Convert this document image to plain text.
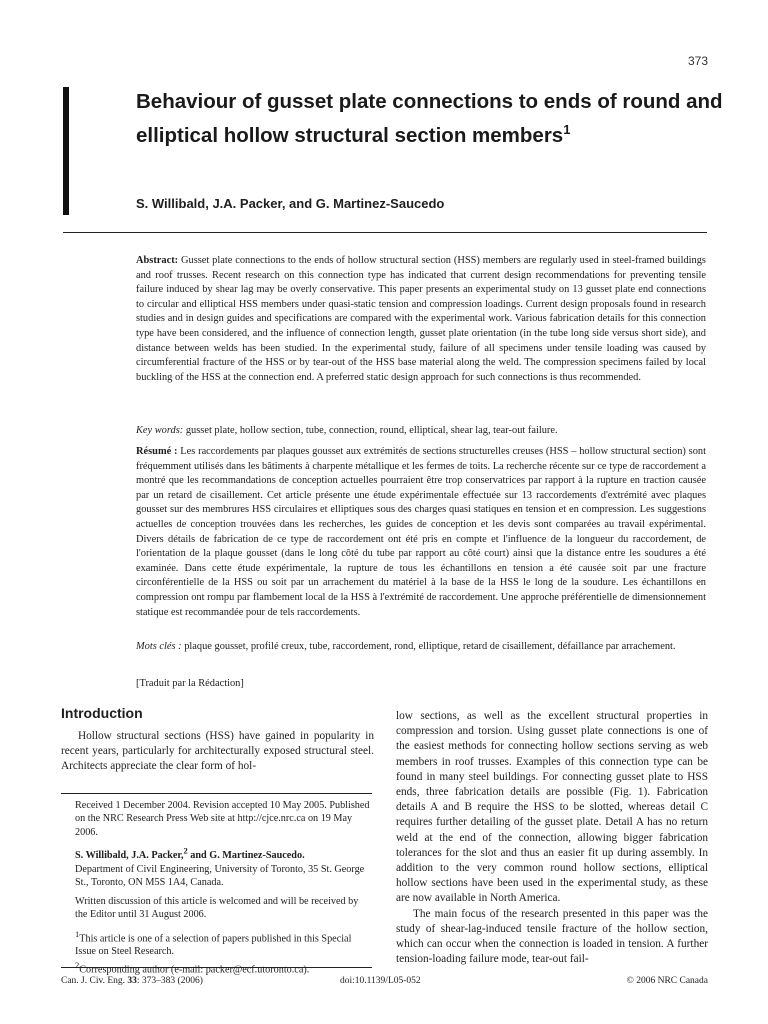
373
Behaviour of gusset plate connections to ends of round and elliptical hollow structural section members$^1$
S. Willibald, J.A. Packer, and G. Martinez-Saucedo

Abstract: Gusset plate connections to the ends of hollow structural section (HSS) members are regularly used in steel-framed buildings and roof trusses. Recent research on this connection type has indicated that current design recommendations for preventing tensile failure induced by shear lag may be overly conservative. This paper presents an experimental study on 13 gusset plate end connections to circular and elliptical HSS members under quasi-static tension and compression loadings. Current design proposals found in research studies and in design guides and specifications are compared with the experimental work. Various fabrication details for this connection type have been considered, and the influence of connection length, gusset plate orientation (in the tube long side versus short side), and distance between welds has been studied. In the experimental study, failure of all specimens under tensile loading was caused by circumferential fracture of the HSS or by tear-out of the HSS base material along the weld. The compression specimens failed by local buckling of the HSS at the connection end. A preferred static design approach for such connections is thus recommended.

Key words: gusset plate, hollow section, tube, connection, round, elliptical, shear lag, tear-out failure.

Résumé : Les raccordements par plaques gousset aux extrémités de sections structurelles creuses (HSS – hollow structural section) sont fréquemment utilisés dans les bâtiments à charpente métallique et les fermes de toits. La recherche récente sur ce type de raccordement a montré que les recommandations de conception actuelles pourraient être trop conservatrices par rapport à la rupture en traction causée par un retard de cisaillement. Cet article présente une étude expérimentale effectuée sur 13 raccordements d'extrémité avec plaques gousset sur des membrures HSS circulaires et elliptiques sous des charges quasi statiques en tension et en compression. Les suggestions actuelles de conception trouvées dans les recherches, les guides de conception et les devis sont comparées au travail expérimental. Divers détails de fabrication de ce type de raccordement ont été pris en compte et l'influence de la longueur du raccordement, de l'orientation de la plaque gousset (dans le long côté du tube par rapport au côté court) ainsi que la distance entre les soudures a été examinée. Dans cette étude expérimentale, la rupture de tous les échantillons en tension a été causée soit par une fracture circonférentielle de la HSS ou soit par un arrachement du matériel à la base de la HSS le long de la soudure. Les échantillons en compression ont rompu par flambement local de la HSS à l'extrémité de raccordement. Une approche préférentielle de dimensionnement statique est recommandée pour de tels raccordements.

Mots clés : plaque gousset, profilé creux, tube, raccordement, rond, elliptique, retard de cisaillement, défaillance par arrachement.

[Traduit par la Rédaction]

Introduction

Hollow structural sections (HSS) have gained in popularity in recent years, particularly for architecturally exposed structural steel. Architects appreciate the clear form of hol-

Received 1 December 2004. Revision accepted 10 May 2005. Published on the NRC Research Press Web site at http://cjce.nrc.ca on 19 May 2006.

S. Willibald, J.A. Packer,$^2$ and G. Martinez-Saucedo.
Department of Civil Engineering, University of Toronto, 35 St. George St., Toronto, ON M5S 1A4, Canada.

Written discussion of this article is welcomed and will be received by the Editor until 31 August 2006.

$^1$This article is one of a selection of papers published in this Special Issue on Steel Research.

$^2$Corresponding author (e-mail: packer@ecf.utoronto.ca).

low sections, as well as the excellent structural properties in compression and torsion. Using gusset plate connections is one of the easiest methods for connecting hollow sections serving as web members in roof trusses. Examples of this connection type can be found in many steel buildings. For connecting gusset plate to HSS ends, three fabrication details are possible (Fig. 1). Fabrication details A and B require the HSS to be slotted, whereas detail C requires further detailing of the gusset plate. Detail A has no return weld at the end of the connection, allowing bigger fabrication tolerances for the slot and thus an easier fit up during assembly. In addition to the very common round hollow sections, elliptical hollow sections have been used in the experimental study, as these are now available in North America.

The main focus of the research presented in this paper was the study of shear-lag-induced tensile fracture of the hollow section, which can occur when the connection is loaded in tension. A further tension-loading failure mode, tear-out fail-

Can. J. Civ. Eng. 33: 373–383 (2006)	doi:10.1139/L05-052	© 2006 NRC Canada
